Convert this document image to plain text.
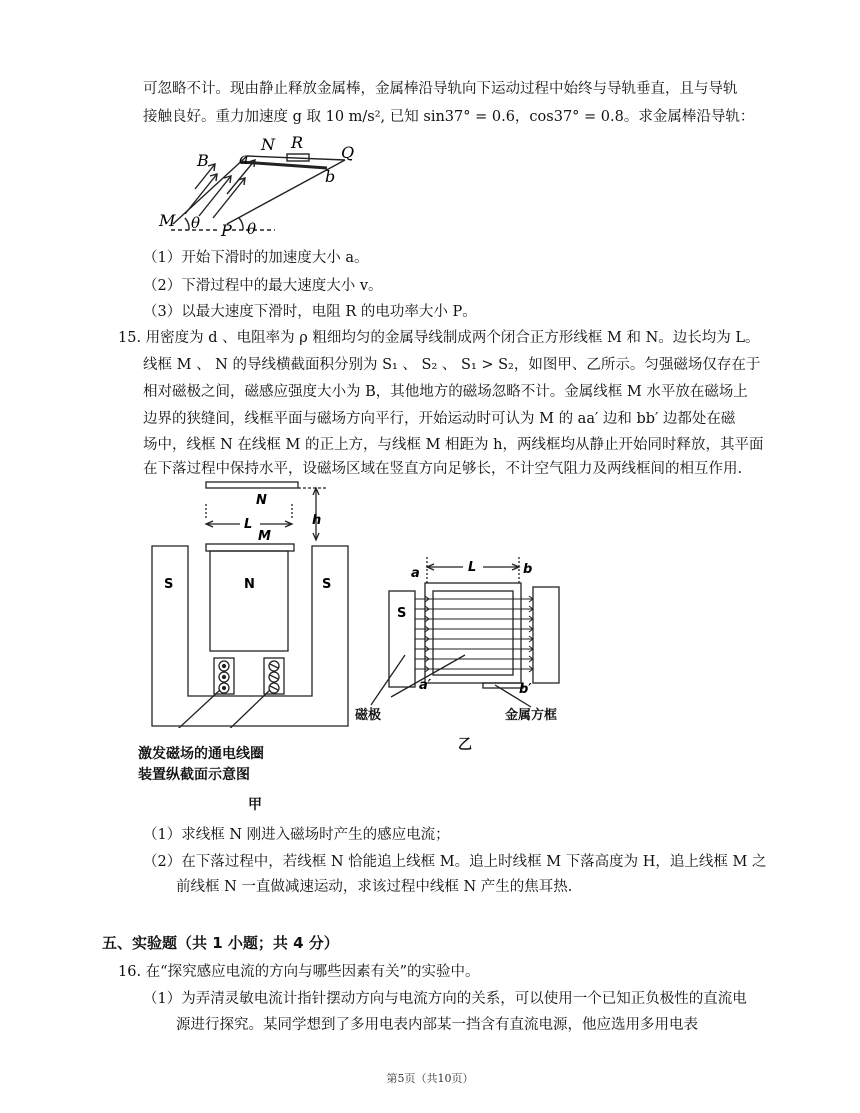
可忽略不计。现由静止释放金属棒，金属棒沿导轨向下运动过程中始终与导轨垂直，且与导轨
接触良好。重力加速度 g 取 10 m/s², 已知 sin37° = 0.6，cos37° = 0.8。求金属棒沿导轨：
B a
N R
Q
b
M θ P θ
（1）开始下滑时的加速度大小 a。
（2）下滑过程中的最大速度大小 v。
（3）以最大速度下滑时，电阻 R 的电功率大小 P。
15. 用密度为 d 、电阻率为 ρ 粗细均匀的金属导线制成两个闭合正方形线框 M 和 N。边长均为 L。
线框 M 、 N 的导线横截面积分别为 S₁ 、 S₂ 、 S₁ > S₂，如图甲、乙所示。匀强磁场仅存在于
相对磁极之间，磁感应强度大小为 B，其他地方的磁场忽略不计。金属线框 M 水平放在磁场上
边界的狭缝间，线框平面与磁场方向平行，开始运动时可认为 M 的 aa′ 边和 bb′ 边都处在磁
场中，线框 N 在线框 M 的正上方，与线框 M 相距为 h，两线框均从静止开始同时释放，其平面
在下落过程中保持水平，设磁场区域在竖直方向足够长，不计空气阻力及两线框间的相互作用.
N
L
M
h
S	N	S
激发磁场的通电线圈
装置纵截面示意图
甲
a	L	b
S
a′	b′
磁极	金属方框
乙
（1）求线框 N 刚进入磁场时产生的感应电流；
（2）在下落过程中，若线框 N 恰能追上线框 M。追上时线框 M 下落高度为 H，追上线框 M 之
前线框 N 一直做减速运动，求该过程中线框 N 产生的焦耳热.
五、实验题（共 1 小题；共 4 分）
16. 在“探究感应电流的方向与哪些因素有关”的实验中。
（1）为弄清灵敏电流计指针摆动方向与电流方向的关系，可以使用一个已知正负极性的直流电
源进行探究。某同学想到了多用电表内部某一挡含有直流电源，他应选用多用电表
第5页（共10页）
